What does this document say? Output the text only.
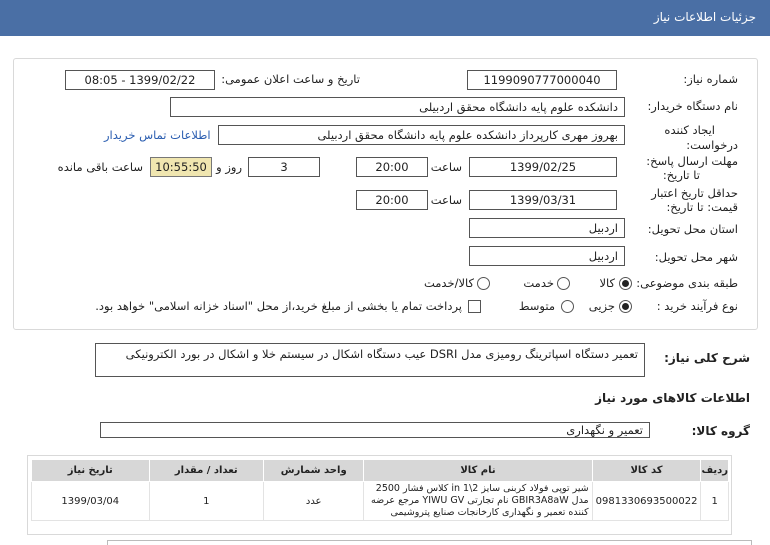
جزئیات اطلاعات نیاز
شماره نیاز:
1199090777000040
تاریخ و ساعت اعلان عمومی:
1399/02/22 - 08:05
نام دستگاه خریدار:
دانشکده علوم پایه دانشگاه محقق اردبیلی
ایجاد کننده
درخواست:
بهروز مهری کارپرداز دانشکده علوم پایه دانشگاه محقق اردبیلی
اطلاعات تماس خریدار
مهلت ارسال پاسخ:
تا تاریخ:
1399/02/25
ساعت
20:00
3
روز و
10:55:50
ساعت باقی مانده
حداقل تاریخ اعتبار
قیمت: تا تاریخ:
1399/03/31
ساعت
20:00
استان محل تحویل:
اردبیل
شهر محل تحویل:
اردبیل
طبقه بندی موضوعی:
کالا
خدمت
کالا/خدمت
نوع فرآیند خرید :
جزیی
متوسط
پرداخت تمام یا بخشی از مبلغ خرید،از محل "اسناد خزانه اسلامی" خواهد بود.
شرح کلی نیاز:
تعمیر دستگاه اسپاترینگ رومیزی مدل DSRI عیب دستگاه اشکال در سیستم خلا و اشکال در بورد الکترونیکی
اطلاعات کالاهای مورد نیاز
گروه کالا:
تعمیر و نگهداری
ردیف	کد کالا	نام کالا	واحد شمارش	تعداد / مقدار	تاریخ نیاز
1	0981330693500022	شیر توپی فولاد کربنی سایز 2\1 in کلاس فشار 2500 مدل GBIR3A8aW نام تجارتی YIWU GV مرجع عرضه کننده تعمیر و نگهداری کارخانجات صنایع پتروشیمی	عدد	1	1399/03/04
